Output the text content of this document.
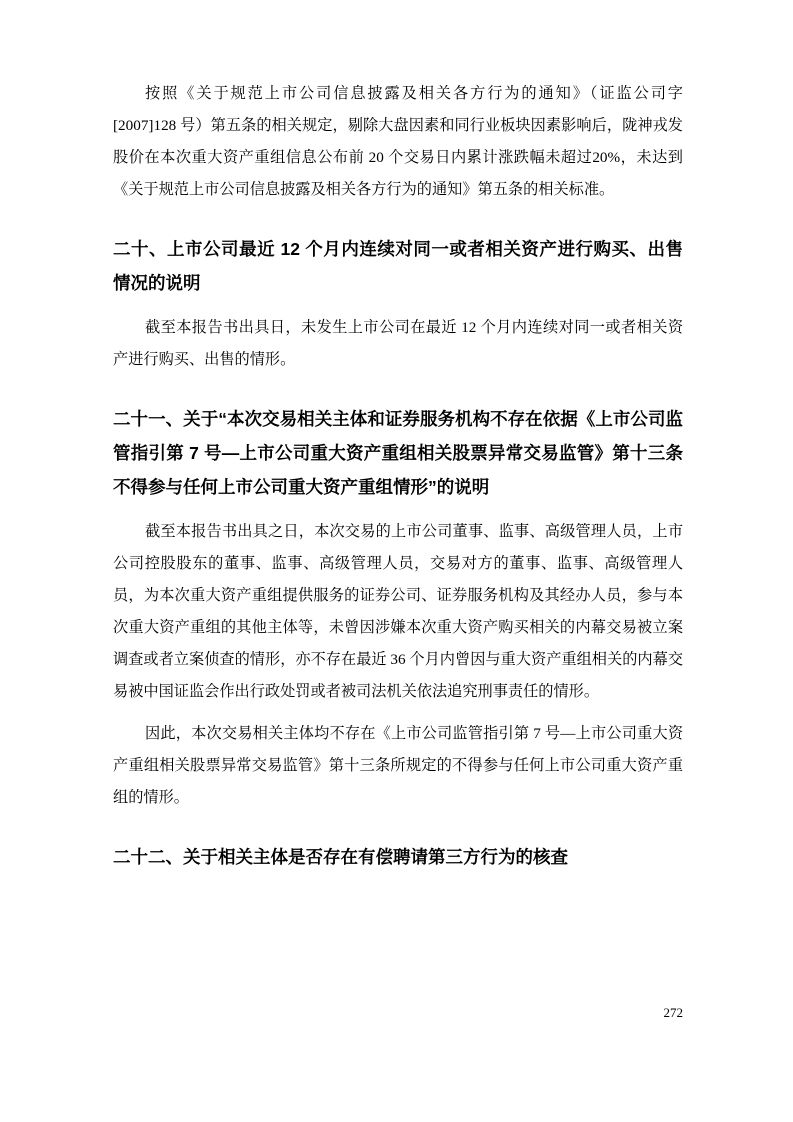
按照《关于规范上市公司信息披露及相关各方行为的通知》（证监公司字[2007]128 号）第五条的相关规定，剔除大盘因素和同行业板块因素影响后，陇神戎发股价在本次重大资产重组信息公布前 20 个交易日内累计涨跌幅未超过20%，未达到《关于规范上市公司信息披露及相关各方行为的通知》第五条的相关标准。

二十、上市公司最近 12 个月内连续对同一或者相关资产进行购买、出售情况的说明

截至本报告书出具日，未发生上市公司在最近 12 个月内连续对同一或者相关资产进行购买、出售的情形。

二十一、关于“本次交易相关主体和证券服务机构不存在依据《上市公司监管指引第 7 号—上市公司重大资产重组相关股票异常交易监管》第十三条不得参与任何上市公司重大资产重组情形”的说明

截至本报告书出具之日，本次交易的上市公司董事、监事、高级管理人员，上市公司控股股东的董事、监事、高级管理人员，交易对方的董事、监事、高级管理人员，为本次重大资产重组提供服务的证券公司、证券服务机构及其经办人员，参与本次重大资产重组的其他主体等，未曾因涉嫌本次重大资产购买相关的内幕交易被立案调查或者立案侦查的情形，亦不存在最近 36 个月内曾因与重大资产重组相关的内幕交易被中国证监会作出行政处罚或者被司法机关依法追究刑事责任的情形。

因此，本次交易相关主体均不存在《上市公司监管指引第 7 号—上市公司重大资产重组相关股票异常交易监管》第十三条所规定的不得参与任何上市公司重大资产重组的情形。

二十二、关于相关主体是否存在有偿聘请第三方行为的核查
272
